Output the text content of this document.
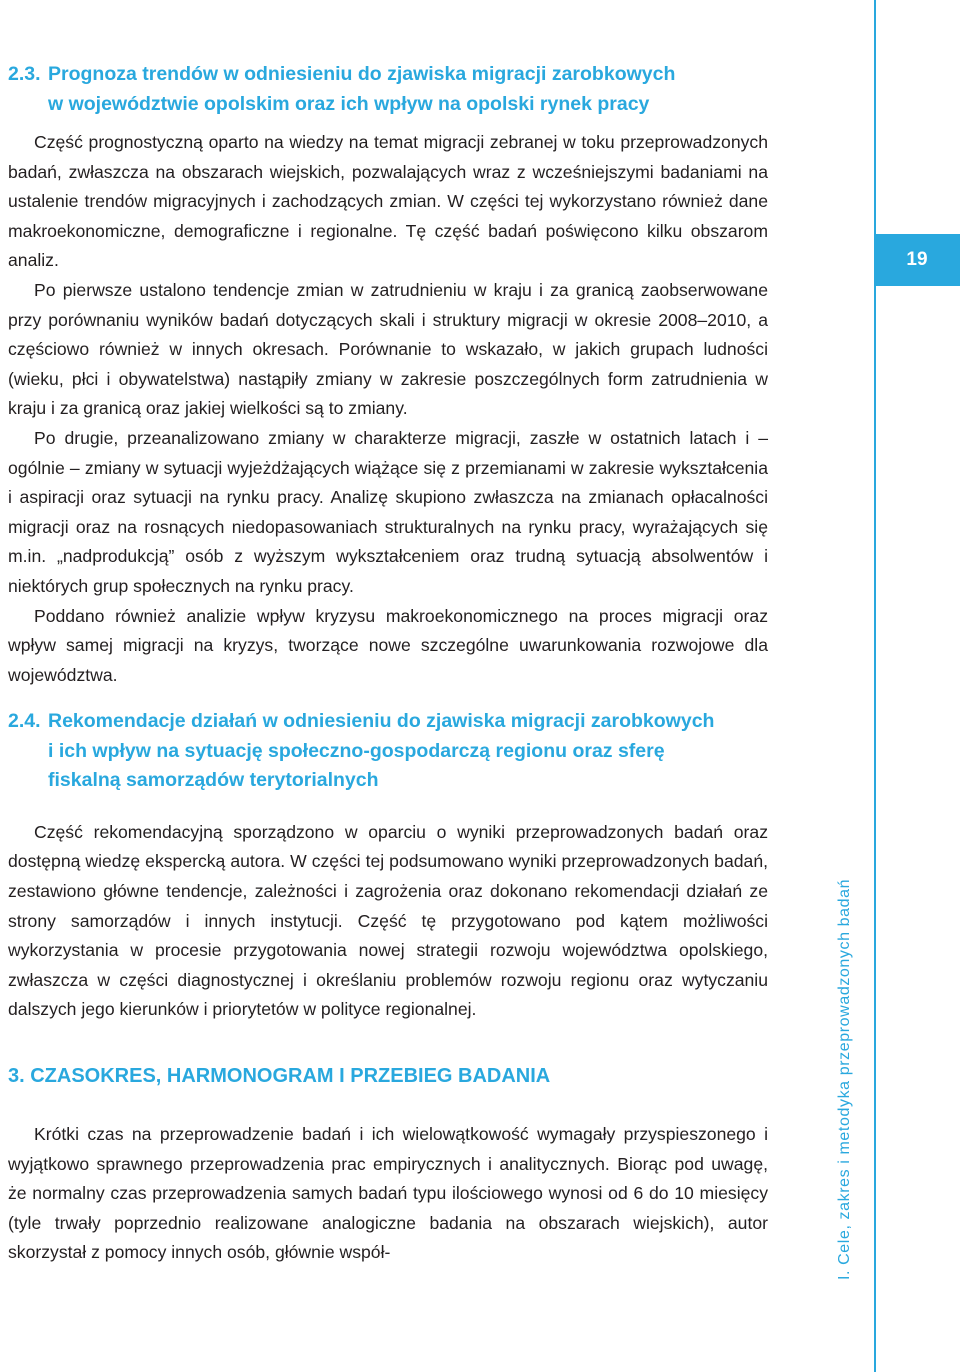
2.3. Prognoza trendów w odniesieniu do zjawiska migracji zarobkowych
w województwie opolskim oraz ich wpływ na opolski rynek pracy

Część prognostyczną oparto na wiedzy na temat migracji zebranej w toku przeprowadzonych badań, zwłaszcza na obszarach wiejskich, pozwalających wraz z wcześniejszymi badaniami na ustalenie trendów migracyjnych i zachodzących zmian. W części tej wykorzystano również dane makroekonomiczne, demograficzne i regionalne. Tę część badań poświęcono kilku obszarom analiz.

Po pierwsze ustalono tendencje zmian w zatrudnieniu w kraju i za granicą zaobserwowane przy porównaniu wyników badań dotyczących skali i struktury migracji w okresie 2008–2010, a częściowo również w innych okresach. Porównanie to wskazało, w jakich grupach ludności (wieku, płci i obywatelstwa) nastąpiły zmiany w zakresie poszczególnych form zatrudnienia w kraju i za granicą oraz jakiej wielkości są to zmiany.

Po drugie, przeanalizowano zmiany w charakterze migracji, zaszłe w ostatnich latach i – ogólnie – zmiany w sytuacji wyjeżdżających wiążące się z przemianami w zakresie wykształcenia i aspiracji oraz sytuacji na rynku pracy. Analizę skupiono zwłaszcza na zmianach opłacalności migracji oraz na rosnących niedopasowaniach strukturalnych na rynku pracy, wyrażających się m.in. „nadprodukcją” osób z wyższym wykształceniem oraz trudną sytuacją absolwentów i niektórych grup społecznych na rynku pracy.

Poddano również analizie wpływ kryzysu makroekonomicznego na proces migracji oraz wpływ samej migracji na kryzys, tworzące nowe szczególne uwarunkowania rozwojowe dla województwa.

2.4. Rekomendacje działań w odniesieniu do zjawiska migracji zarobkowych
i ich wpływ na sytuację społeczno-gospodarczą regionu oraz sferę
fiskalną samorządów terytorialnych

Część rekomendacyjną sporządzono w oparciu o wyniki przeprowadzonych badań oraz dostępną wiedzę ekspercką autora. W części tej podsumowano wyniki przeprowadzonych badań, zestawiono główne tendencje, zależności i zagrożenia oraz dokonano rekomendacji działań ze strony samorządów i innych instytucji. Część tę przygotowano pod kątem możliwości wykorzystania w procesie przygotowania nowej strategii rozwoju województwa opolskiego, zwłaszcza w części diagnostycznej i określaniu problemów rozwoju regionu oraz wytyczaniu dalszych jego kierunków i priorytetów w polityce regionalnej.

3. CZASOKRES, HARMONOGRAM I PRZEBIEG BADANIA

Krótki czas na przeprowadzenie badań i ich wielowątkowość wymagały przyspieszonego i wyjątkowo sprawnego przeprowadzenia prac empirycznych i analitycznych. Biorąc pod uwagę, że normalny czas przeprowadzenia samych badań typu ilościowego wynosi od 6 do 10 miesięcy (tyle trwały poprzednio realizowane analogiczne badania na obszarach wiejskich), autor skorzystał z pomocy innych osób, głównie współ-

19
I. Cele, zakres i metodyka przeprowadzonych badań
